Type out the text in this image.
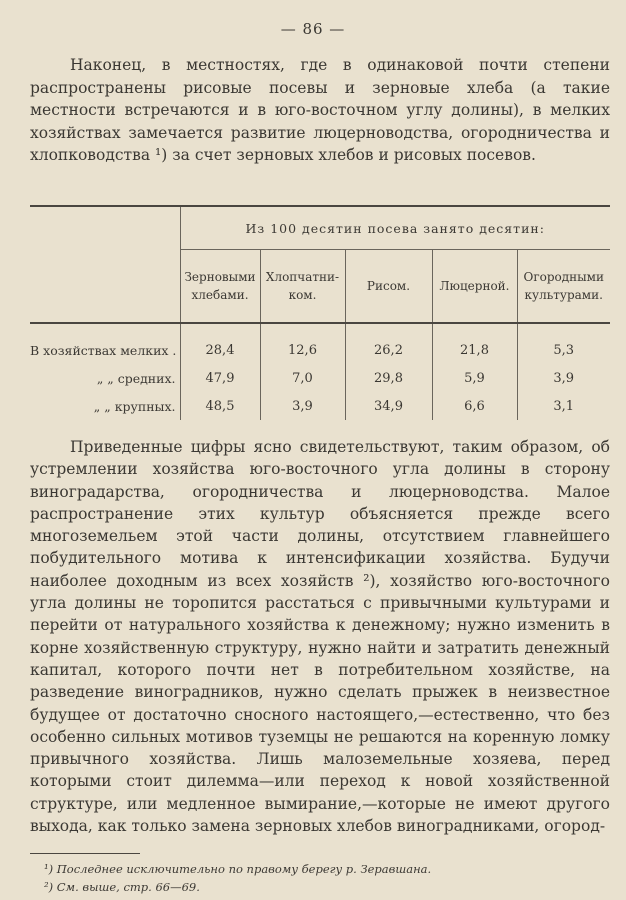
— 86 —

Наконец, в местностях, где в одинаковой почти степени распространены рисовые посевы и зерновые хлеба (а такие местности встречаются и в юго-восточном углу долины), в мелких хозяйствах замечается развитие люцерноводства, огородничества и хлопководства ¹) за счет зерновых хлебов и рисовых посевов.

	Из 100 десятин посева занято десятин:				
	Зерновыми хлебами.	Хлопчатни-ком.	Рисом.	Люцерной.	Огородными культурами.
В хозяйствах мелких .	28,4	12,6	26,2	21,8	5,3
„ „ средних.	47,9	7,0	29,8	5,9	3,9
„ „ крупных.	48,5	3,9	34,9	6,6	3,1

Приведенные цифры ясно свидетельствуют, таким образом, об устремлении хозяйства юго-восточного угла долины в сторону виноградарства, огородничества и люцерноводства. Малое распространение этих культур объясняется прежде всего многоземельем этой части долины, отсутствием главнейшего побудительного мотива к интенсификации хозяйства. Будучи наиболее доходным из всех хозяйств ²), хозяйство юго-восточного угла долины не торопится расстаться с привычными культурами и перейти от натурального хозяйства к денежному; нужно изменить в корне хозяйственную структуру, нужно найти и затратить денежный капитал, которого почти нет в потребительном хозяйстве, на разведение виноградников, нужно сделать прыжек в неизвестное будущее от достаточно сносного настоящего,—естественно, что без особенно сильных мотивов туземцы не решаются на коренную ломку привычного хозяйства. Лишь малоземельные хозяева, перед которыми стоит дилемма—или переход к новой хозяйственной структуре, или медленное вымирание,—которые не имеют другого выхода, как только замена зерновых хлебов виноградниками, огород-

¹) Последнее исключительно по правому берегу р. Зеравшана.
²) См. выше, стр. 66—69.
